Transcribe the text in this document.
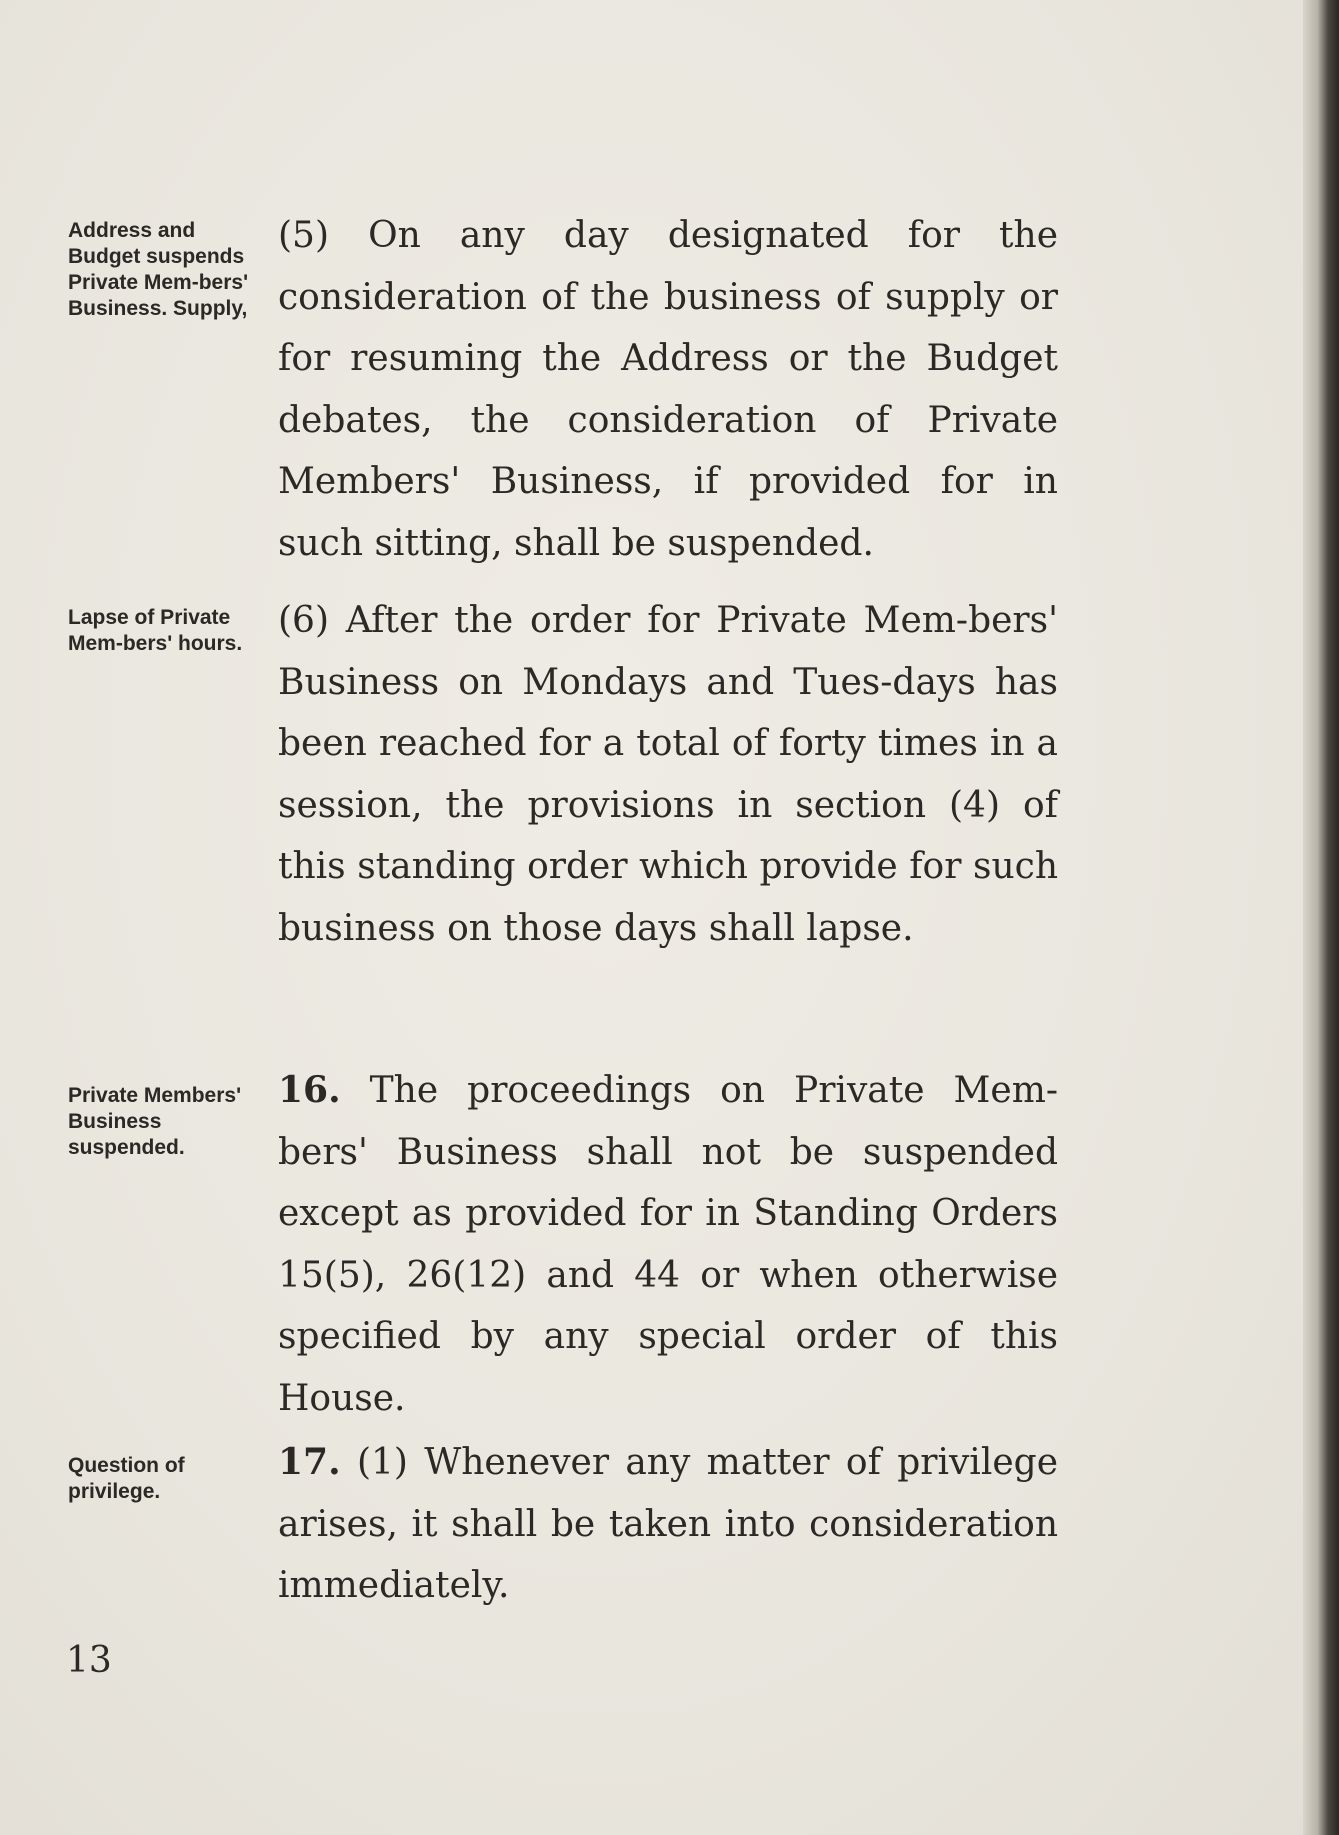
Address and Budget suspends Private Mem-bers' Business. Supply,
(5) On any day designated for the consideration of the business of supply or for resuming the Address or the Budget debates, the consideration of Private Members' Business, if provided for in such sitting, shall be suspended.
Lapse of Private Mem-bers' hours.
(6) After the order for Private Mem-bers' Business on Mondays and Tues-days has been reached for a total of forty times in a session, the provisions in section (4) of this standing order which provide for such business on those days shall lapse.
Private Members' Business suspended.
16. The proceedings on Private Mem-bers' Business shall not be suspended except as provided for in Standing Orders 15(5), 26(12) and 44 or when otherwise specified by any special order of this House.
Question of privilege.
17. (1) Whenever any matter of privilege arises, it shall be taken into consideration immediately.
13
